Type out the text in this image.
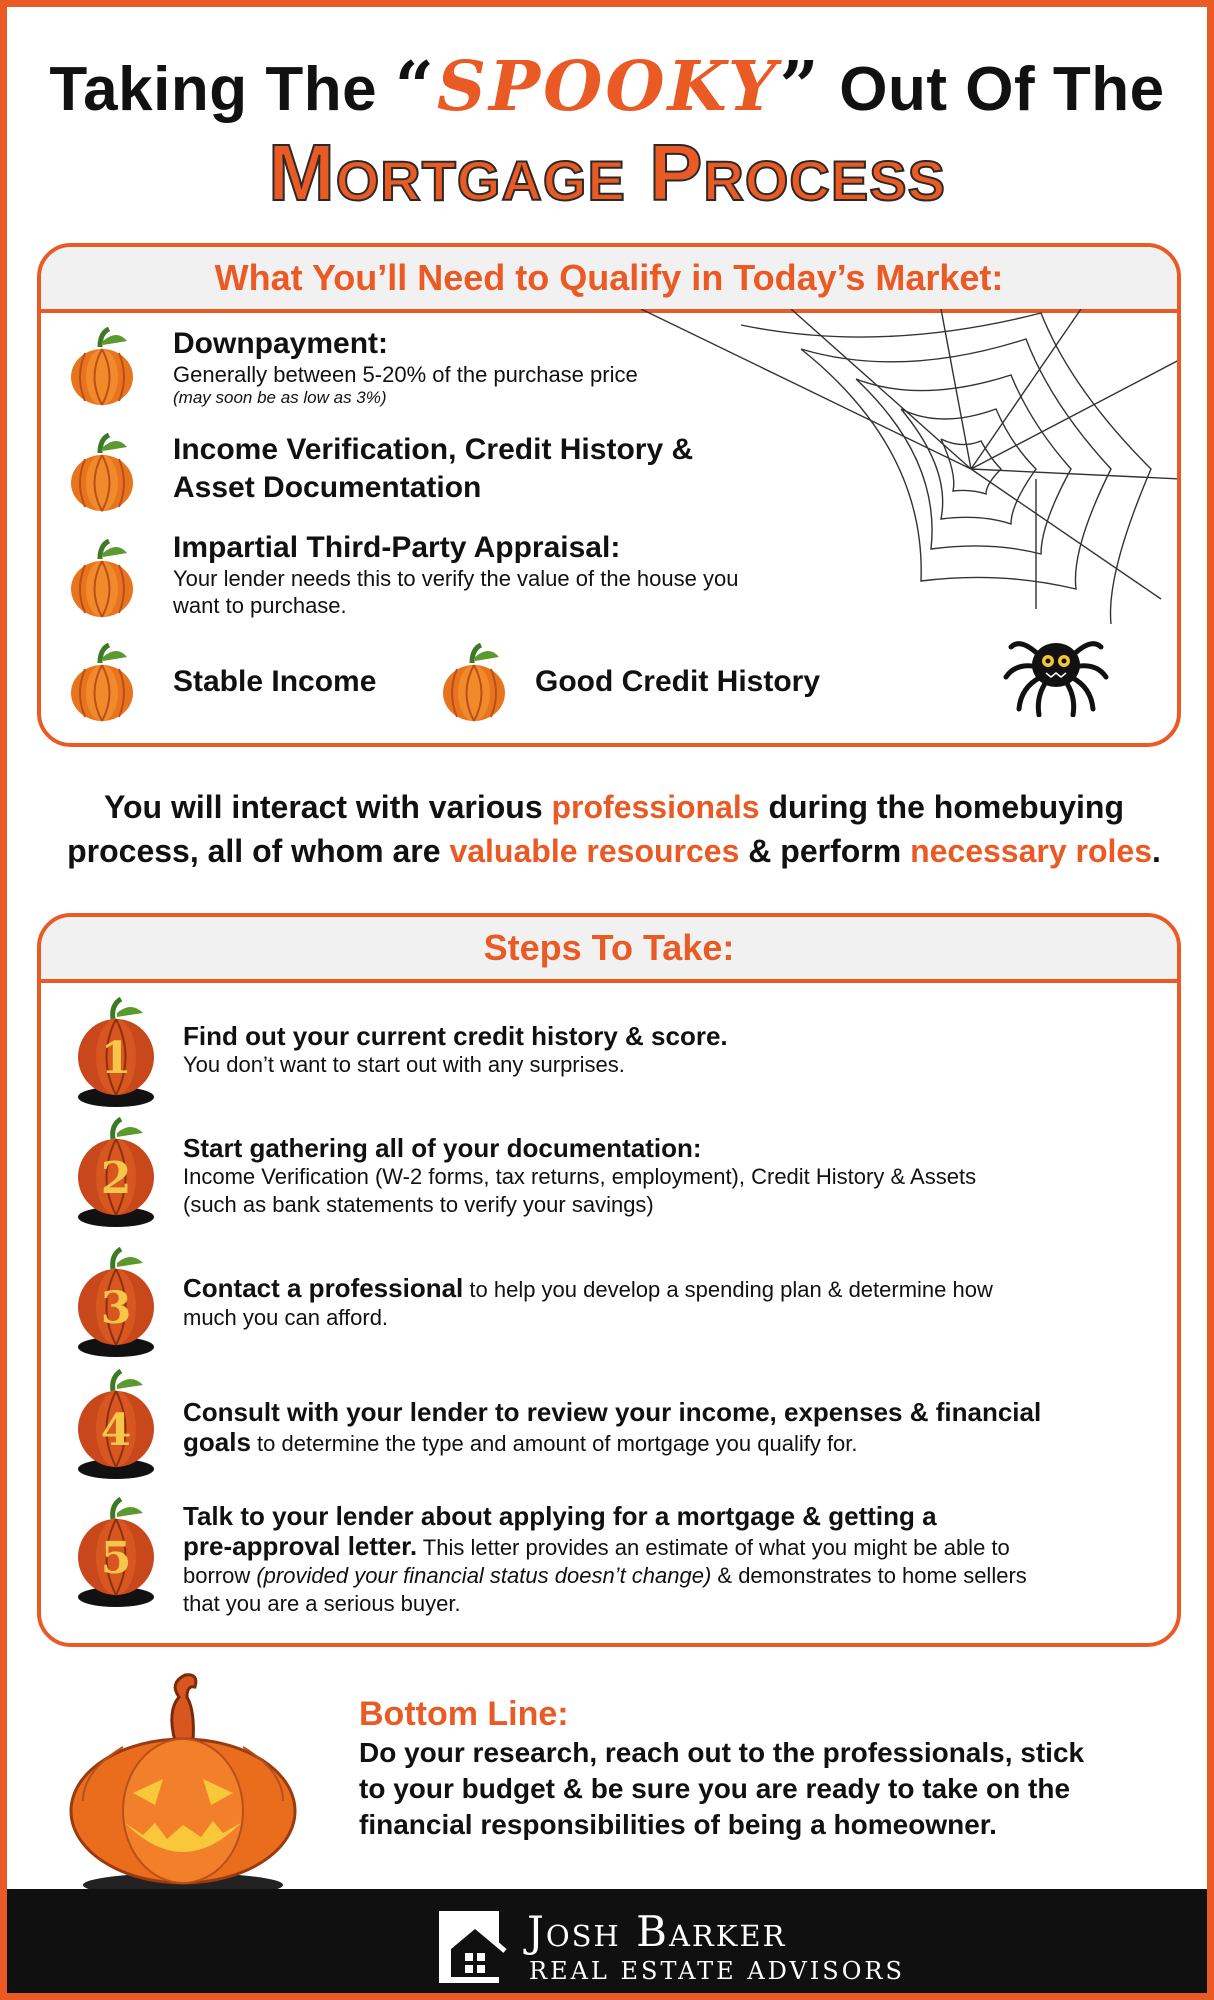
Taking The “SPOOKY” Out Of The
Mortgage Process
What You’ll Need to Qualify in Today’s Market:
Downpayment:
Generally between 5-20% of the purchase price
(may soon be as low as 3%)
Income Verification, Credit History &
Asset Documentation
Impartial Third-Party Appraisal:
Your lender needs this to verify the value of the house you
want to purchase.
Stable Income	Good Credit History
You will interact with various professionals during the homebuying
process, all of whom are valuable resources & perform necessary roles.
Steps To Take:
1 Find out your current credit history & score.
You don’t want to start out with any surprises.
2
Start gathering all of your documentation:
Income Verification (W-2 forms, tax returns, employment), Credit History & Assets
(such as bank statements to verify your savings)
3 Contact a professional to help you develop a spending plan & determine how
much you can afford.
4 Consult with your lender to review your income, expenses & financial
goals to determine the type and amount of mortgage you qualify for.
5
Talk to your lender about applying for a mortgage & getting a
pre-approval letter. This letter provides an estimate of what you might be able to
borrow (provided your financial status doesn’t change) & demonstrates to home sellers
that you are a serious buyer.
Bottom Line:
Do your research, reach out to the professionals, stick
to your budget & be sure you are ready to take on the
financial responsibilities of being a homeowner.
Josh Barker
REAL ESTATE ADVISORS
